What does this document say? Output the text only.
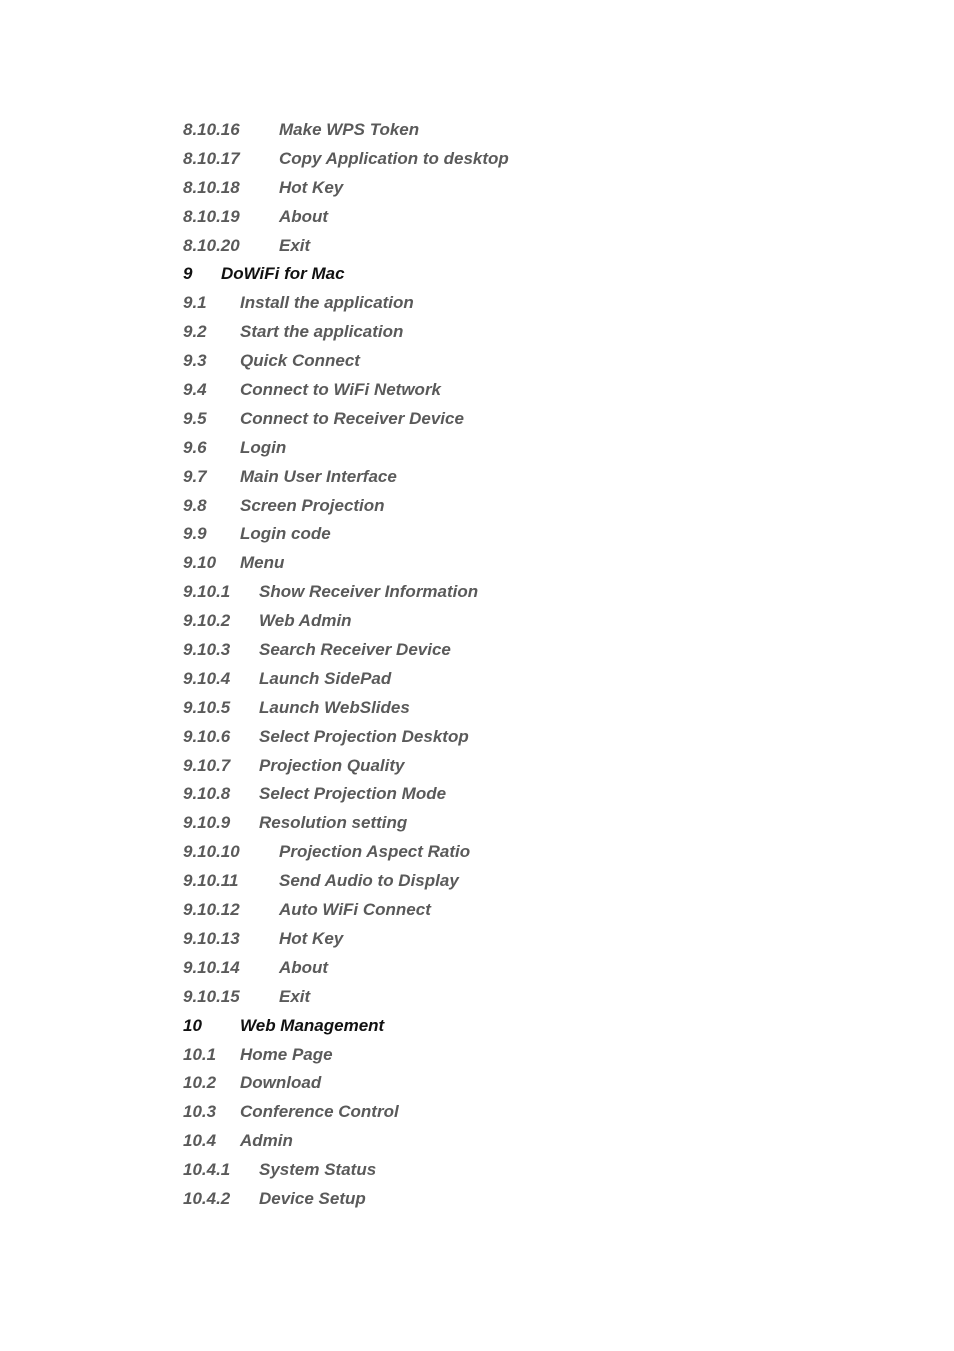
8.10.16 Make WPS Token
8.10.17 Copy Application to desktop
8.10.18 Hot Key
8.10.19 About
8.10.20 Exit
9 DoWiFi for Mac
9.1 Install the application
9.2 Start the application
9.3 Quick Connect
9.4 Connect to WiFi Network
9.5 Connect to Receiver Device
9.6 Login
9.7 Main User Interface
9.8 Screen Projection
9.9 Login code
9.10 Menu
9.10.1 Show Receiver Information
9.10.2 Web Admin
9.10.3 Search Receiver Device
9.10.4 Launch SidePad
9.10.5 Launch WebSlides
9.10.6 Select Projection Desktop
9.10.7 Projection Quality
9.10.8 Select Projection Mode
9.10.9 Resolution setting
9.10.10 Projection Aspect Ratio
9.10.11 Send Audio to Display
9.10.12 Auto WiFi Connect
9.10.13 Hot Key
9.10.14 About
9.10.15 Exit
10 Web Management
10.1 Home Page
10.2 Download
10.3 Conference Control
10.4 Admin
10.4.1 System Status
10.4.2 Device Setup
